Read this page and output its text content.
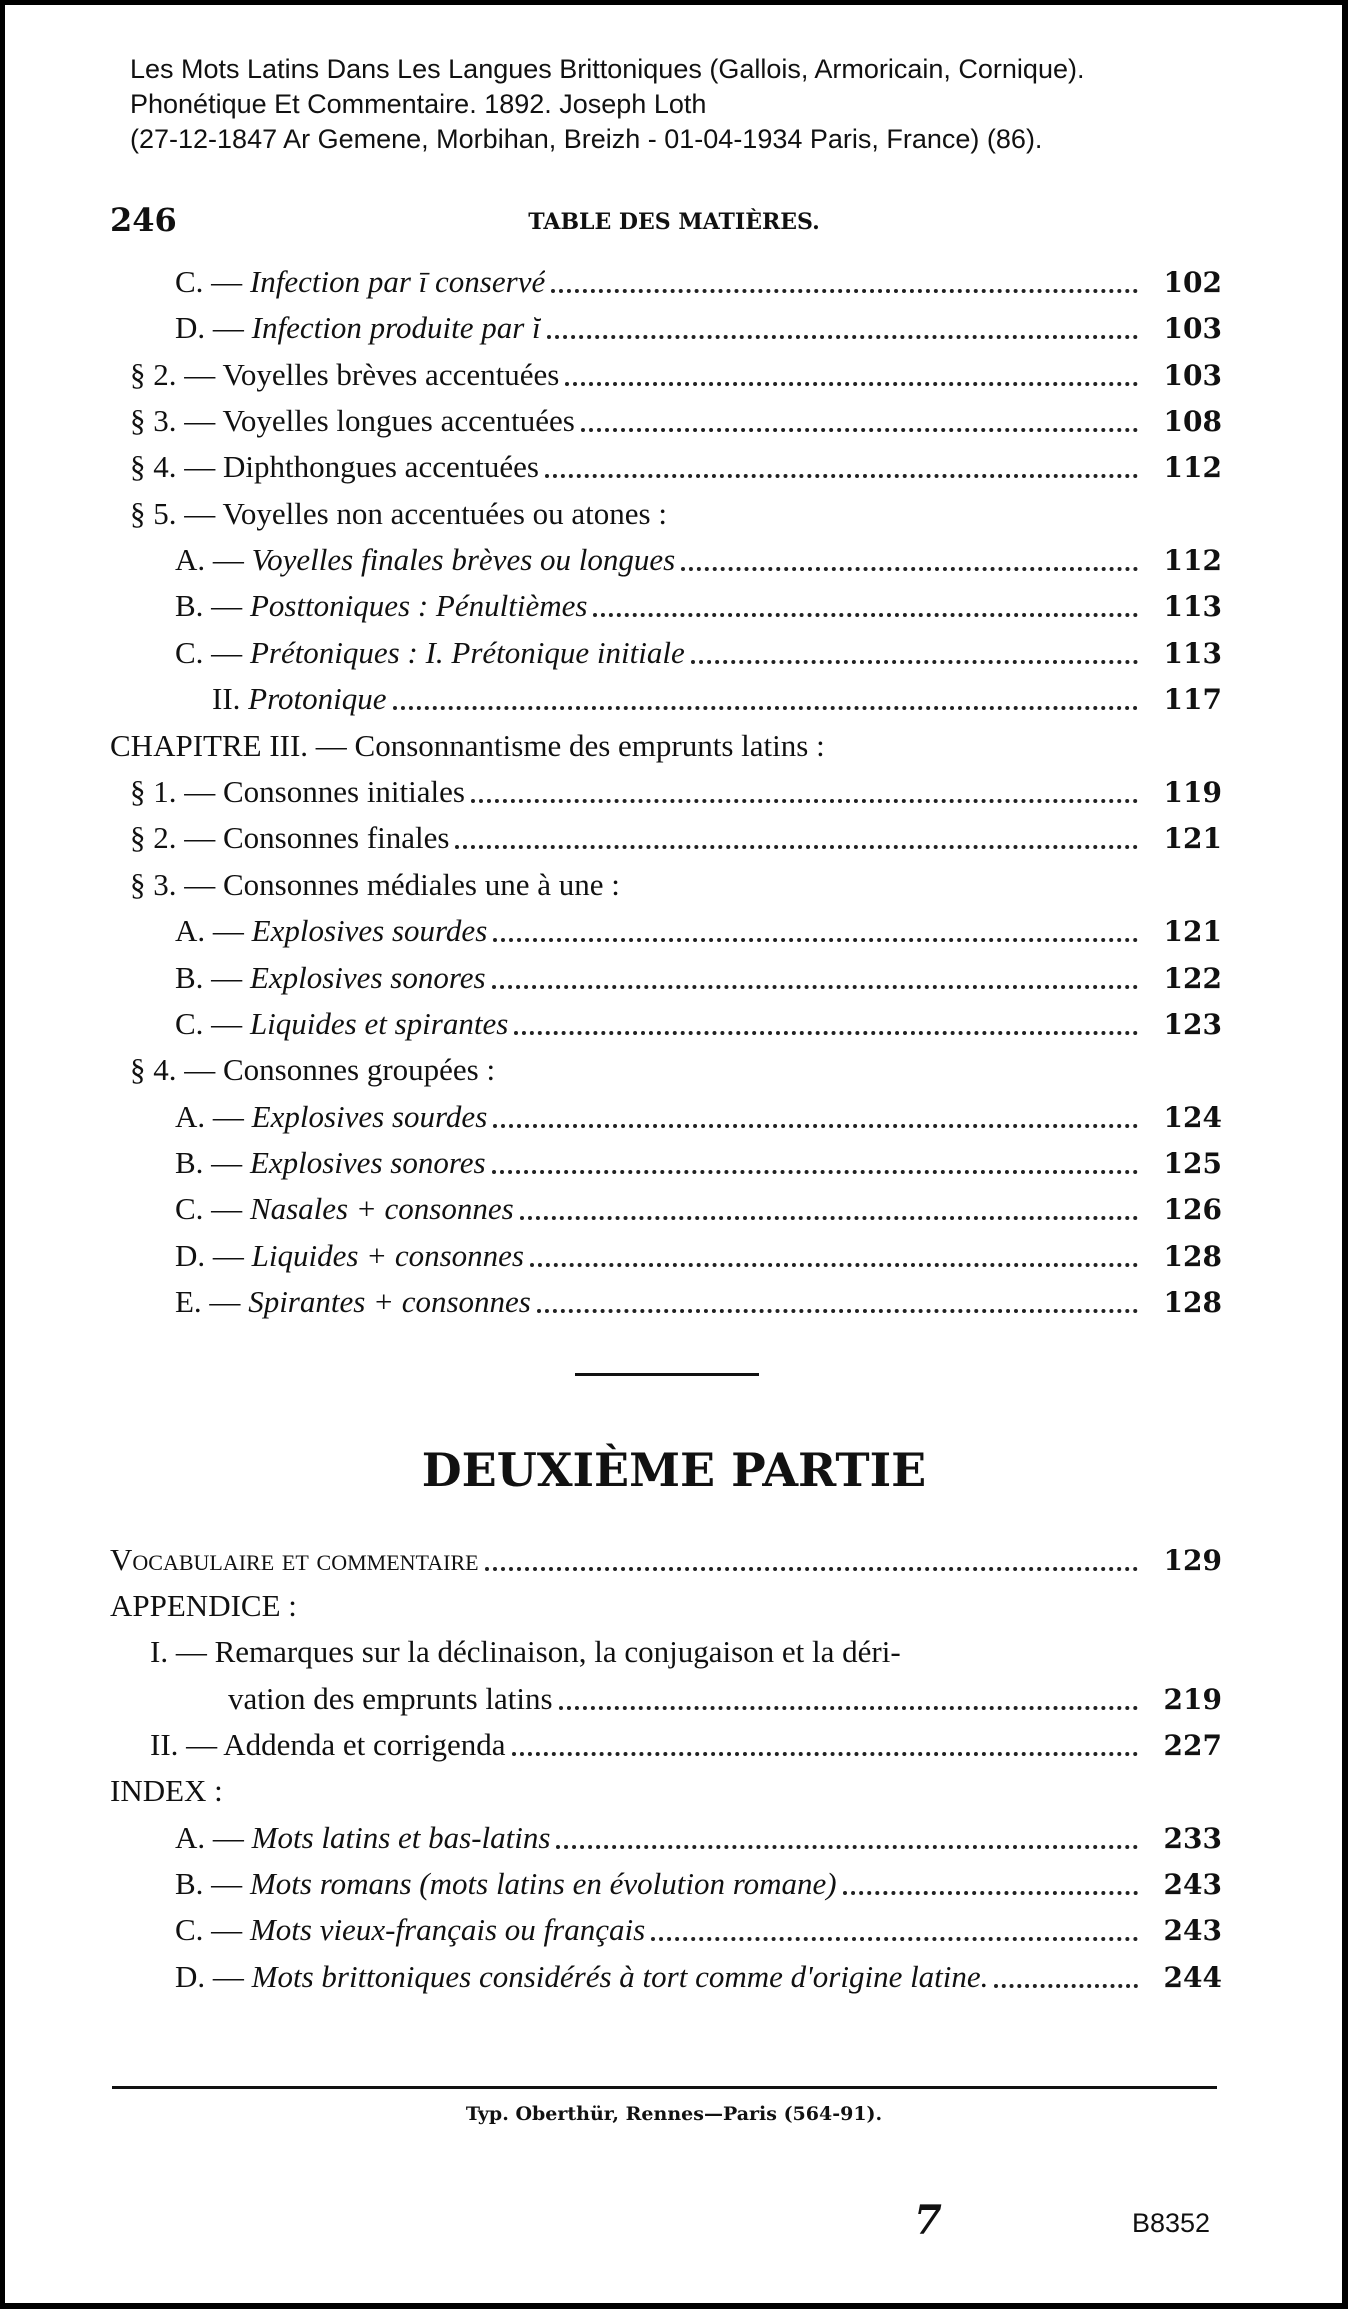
Les Mots Latins Dans Les Langues Brittoniques (Gallois, Armoricain, Cornique).
Phonétique Et Commentaire. 1892. Joseph Loth
(27-12-1847 Ar Gemene, Morbihan, Breizh - 01-04-1934 Paris, France) (86).
246	TABLE DES MATIÈRES.
C. — Infection par ī conservé	102
D. — Infection produite par ĭ	103
§ 2. — Voyelles brèves accentuées	103
§ 3. — Voyelles longues accentuées	108
§ 4. — Diphthongues accentuées	112
§ 5. — Voyelles non accentuées ou atones :
A. — Voyelles finales brèves ou longues	112
B. — Posttoniques : Pénultièmes	113
C. — Prétoniques : I. Prétonique initiale	113
II. Protonique	117
CHAPITRE III. — Consonnantisme des emprunts latins :
§ 1. — Consonnes initiales	119
§ 2. — Consonnes finales	121
§ 3. — Consonnes médiales une à une :
A. — Explosives sourdes	121
B. — Explosives sonores	122
C. — Liquides et spirantes	123
§ 4. — Consonnes groupées :
A. — Explosives sourdes	124
B. — Explosives sonores	125
C. — Nasales + consonnes	126
D. — Liquides + consonnes	128
E. — Spirantes + consonnes	128
DEUXIÈME PARTIE
Vocabulaire et commentaire	129
APPENDICE :
I. — Remarques sur la déclinaison, la conjugaison et la déri-
vation des emprunts latins	219
II. — Addenda et corrigenda	227
INDEX :
A. — Mots latins et bas-latins	233
B. — Mots romans (mots latins en évolution romane)	243
C. — Mots vieux-français ou français	243
D. — Mots brittoniques considérés à tort comme d'origine latine.	244
Typ. Oberthür, Rennes—Paris (564-91).
7	B8352
